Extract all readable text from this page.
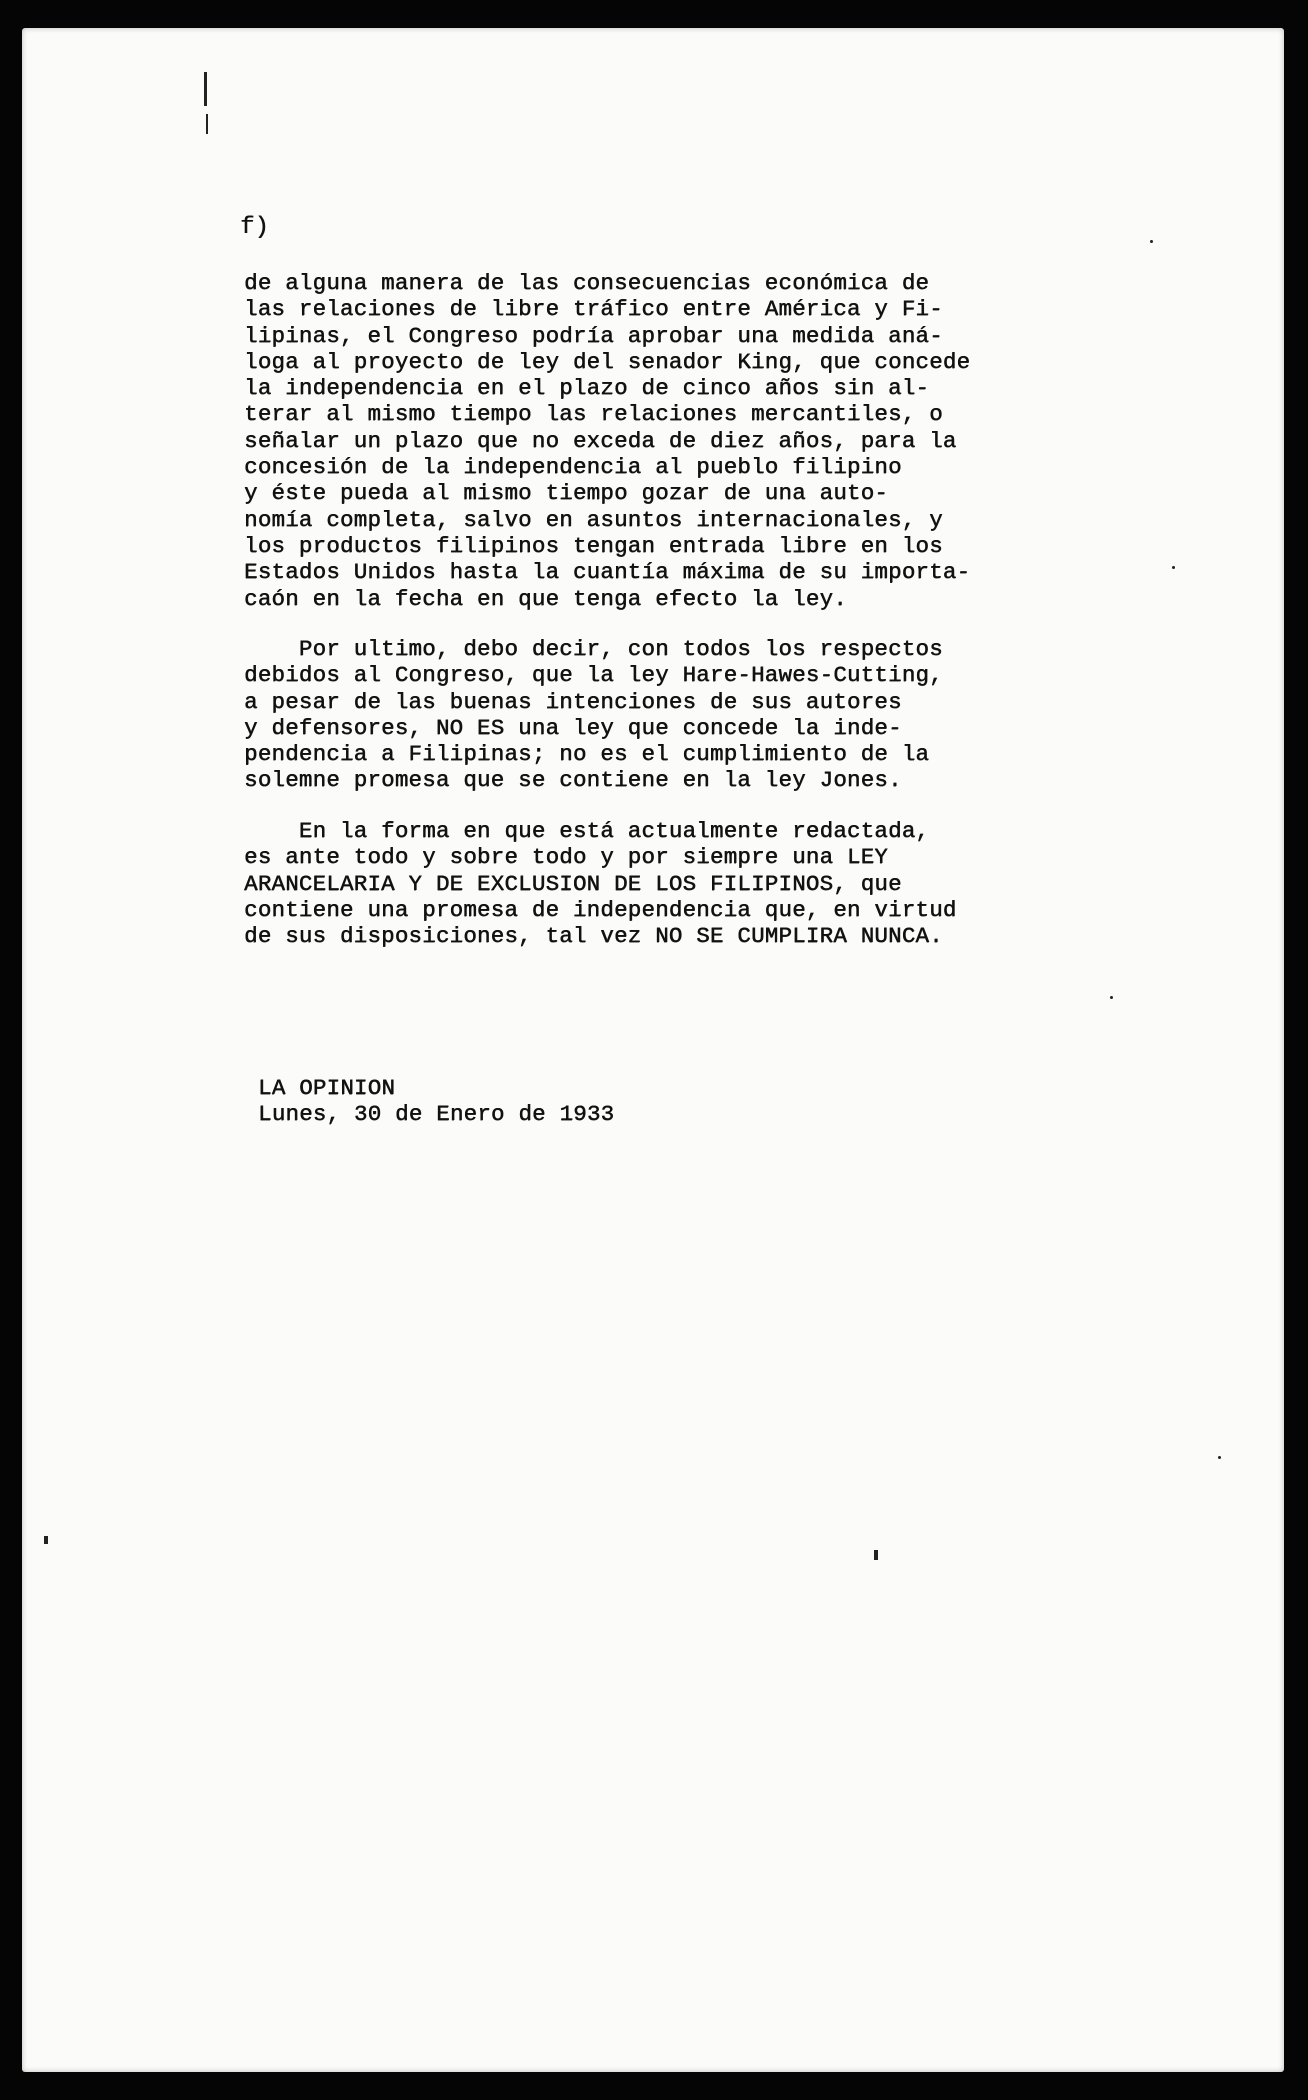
f)
de alguna manera de las consecuencias económica de
las relaciones de libre tráfico entre América y Fi-
lipinas, el Congreso podría aprobar una medida aná-
loga al proyecto de ley del senador King, que concede
la independencia en el plazo de cinco años sin al-
terar al mismo tiempo las relaciones mercantiles, o
señalar un plazo que no exceda de diez años, para la
concesión de la independencia al pueblo filipino
y éste pueda al mismo tiempo gozar de una auto-
nomía completa, salvo en asuntos internacionales, y
los productos filipinos tengan entrada libre en los
Estados Unidos hasta la cuantía máxima de su importa-
caón en la fecha en que tenga efecto la ley.
Por ultimo, debo decir, con todos los respectos
debidos al Congreso, que la ley Hare-Hawes-Cutting,
a pesar de las buenas intenciones de sus autores
y defensores, NO ES una ley que concede la inde-
pendencia a Filipinas; no es el cumplimiento de la
solemne promesa que se contiene en la ley Jones.
En la forma en que está actualmente redactada,
es ante todo y sobre todo y por siempre una LEY
ARANCELARIA Y DE EXCLUSION DE LOS FILIPINOS, que
contiene una promesa de independencia que, en virtud
de sus disposiciones, tal vez NO SE CUMPLIRA NUNCA.
LA OPINION
Lunes, 30 de Enero de 1933
